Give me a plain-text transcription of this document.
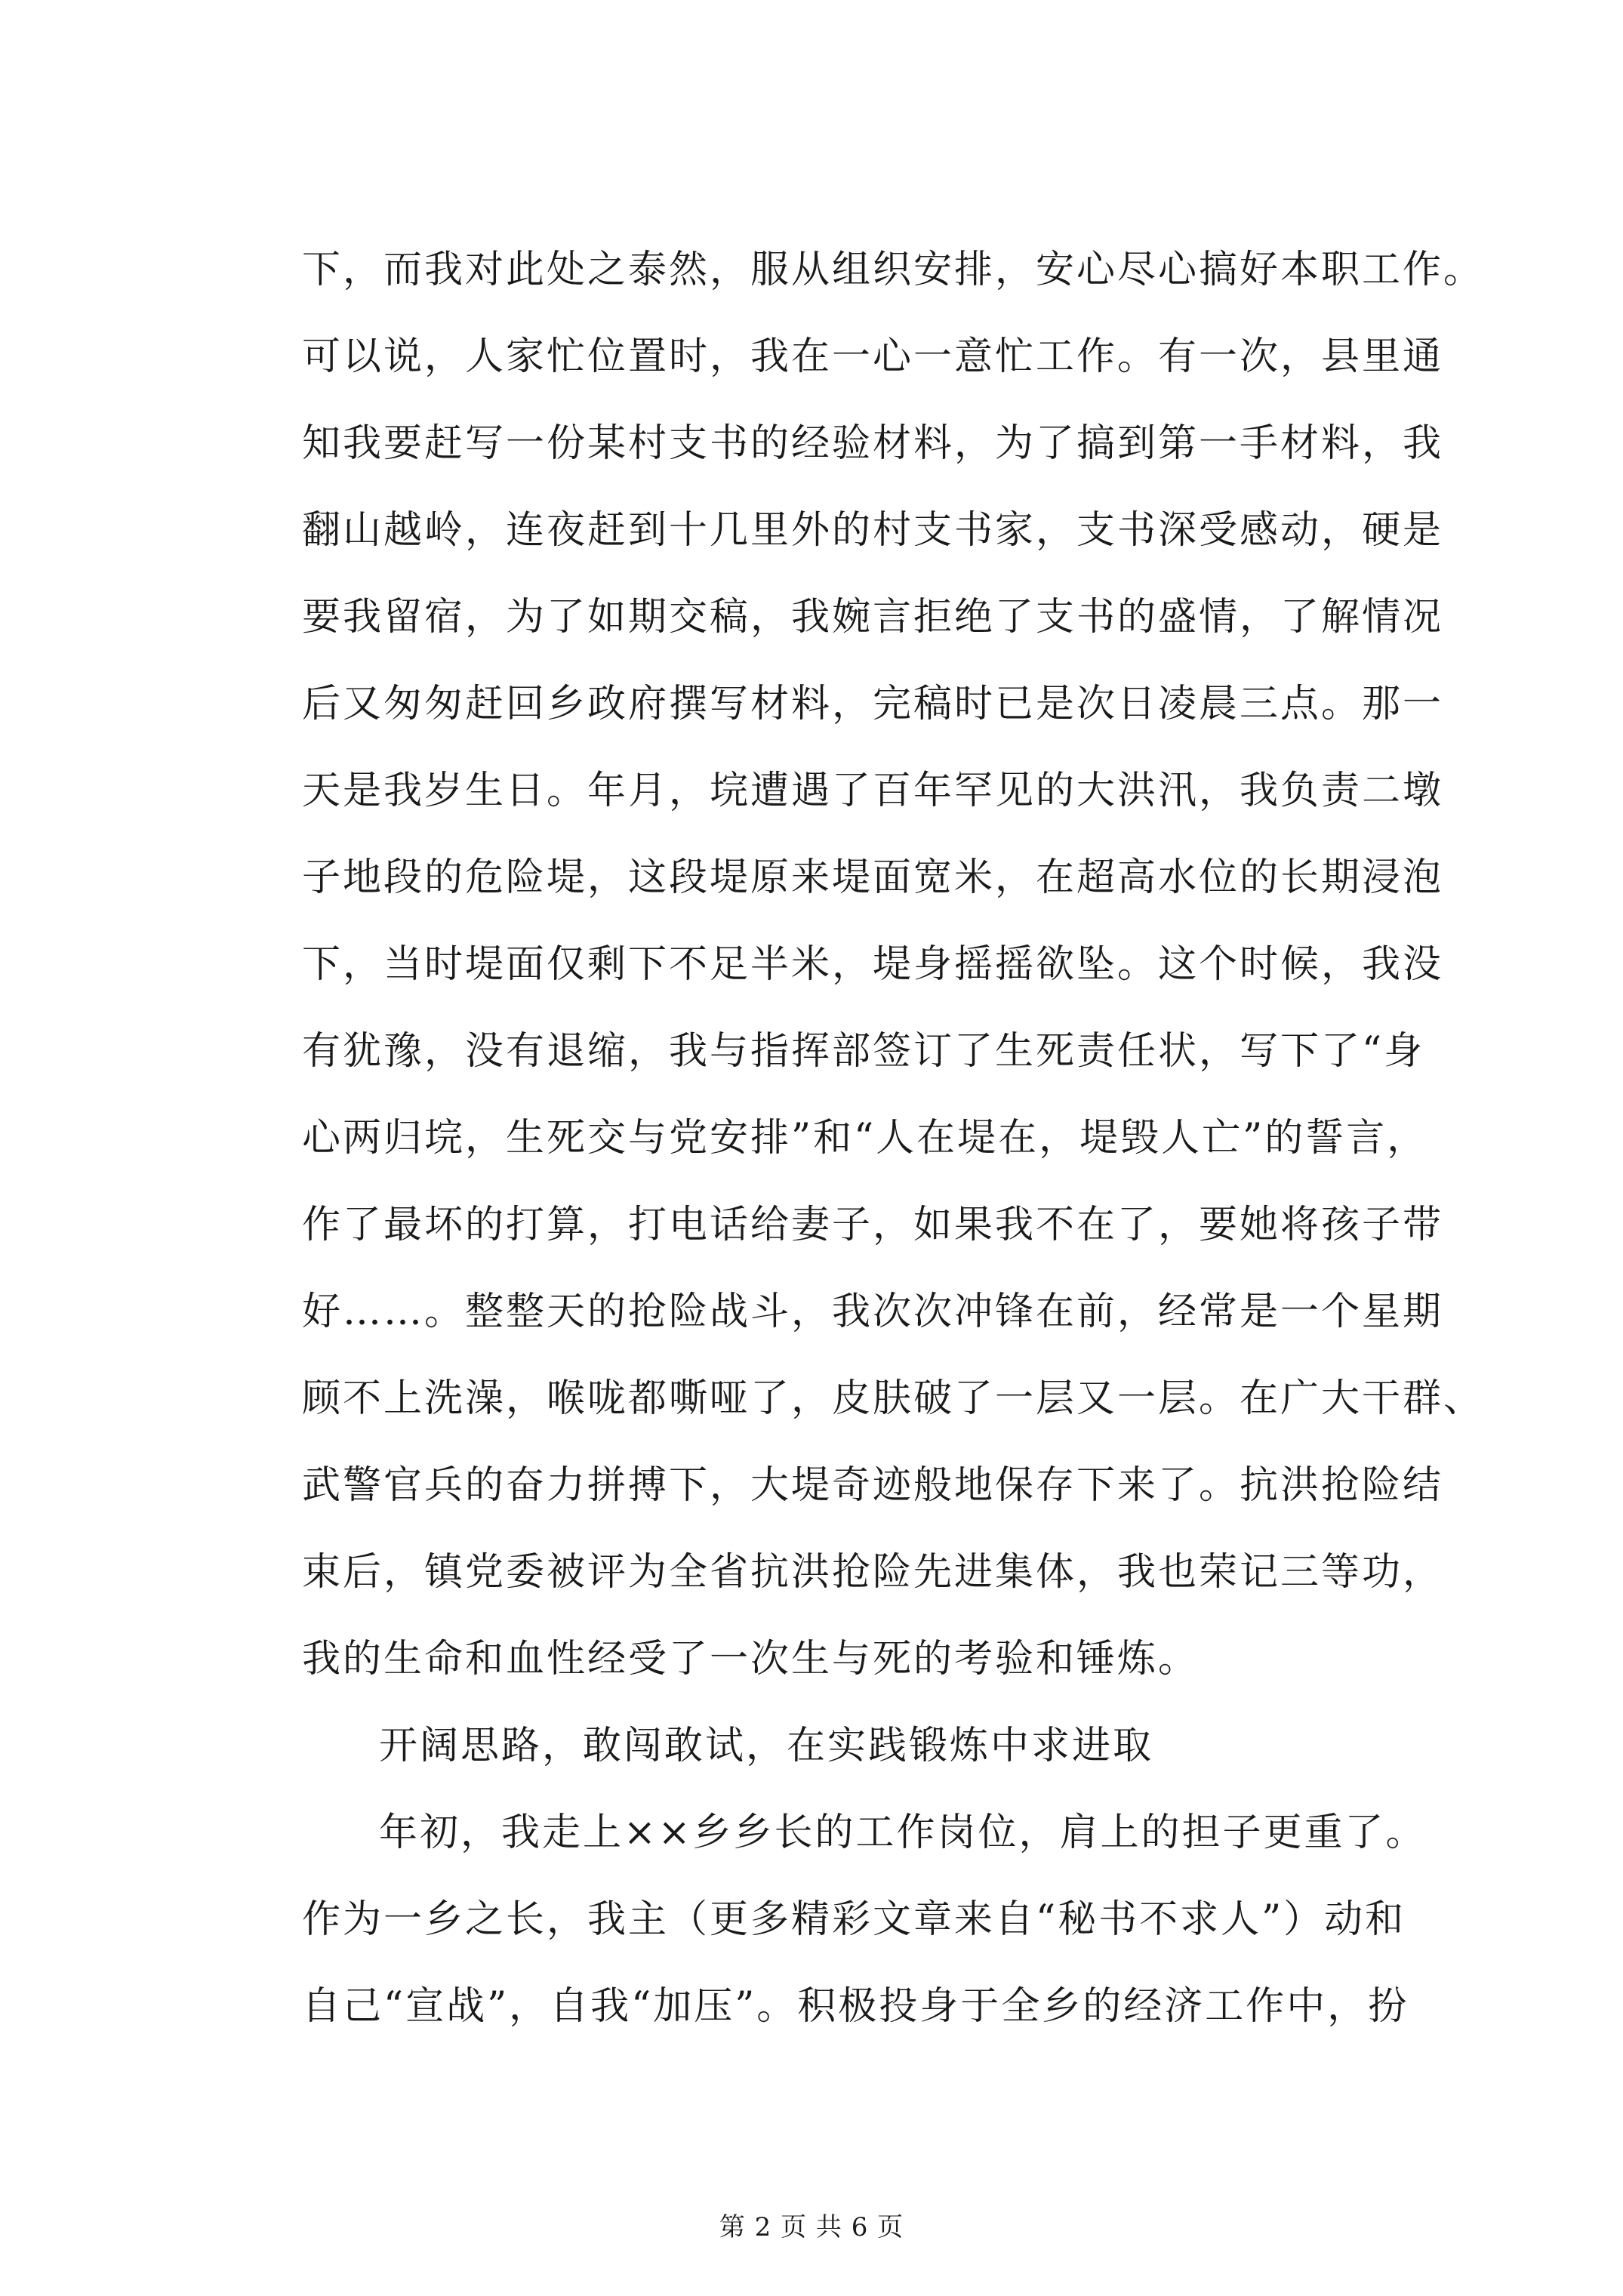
下，而我对此处之泰然，服从组织安排，安心尽心搞好本职工作。
可以说，人家忙位置时，我在一心一意忙工作。有一次，县里通
知我要赶写一份某村支书的经验材料，为了搞到第一手材料，我
翻山越岭，连夜赶到十几里外的村支书家，支书深受感动，硬是
要我留宿，为了如期交稿，我婉言拒绝了支书的盛情，了解情况
后又匆匆赶回乡政府撰写材料，完稿时已是次日凌晨三点。那一
天是我岁生日。年月，垸遭遇了百年罕见的大洪汛，我负责二墩
子地段的危险堤，这段堤原来堤面宽米，在超高水位的长期浸泡
下，当时堤面仅剩下不足半米，堤身摇摇欲坠。这个时候，我没
有犹豫，没有退缩，我与指挥部签订了生死责任状，写下了“身
心两归垸，生死交与党安排”和“人在堤在，堤毁人亡”的誓言，
作了最坏的打算，打电话给妻子，如果我不在了，要她将孩子带
好……。整整天的抢险战斗，我次次冲锋在前，经常是一个星期
顾不上洗澡，喉咙都嘶哑了，皮肤破了一层又一层。在广大干群、
武警官兵的奋力拼搏下，大堤奇迹般地保存下来了。抗洪抢险结
束后，镇党委被评为全省抗洪抢险先进集体，我也荣记三等功，
我的生命和血性经受了一次生与死的考验和锤炼。
开阔思路，敢闯敢试，在实践锻炼中求进取
年初，我走上××乡乡长的工作岗位，肩上的担子更重了。
作为一乡之长，我主（更多精彩文章来自“秘书不求人”）动和
自己“宣战”，自我“加压”。积极投身于全乡的经济工作中，扮
第 2 页 共 6 页
